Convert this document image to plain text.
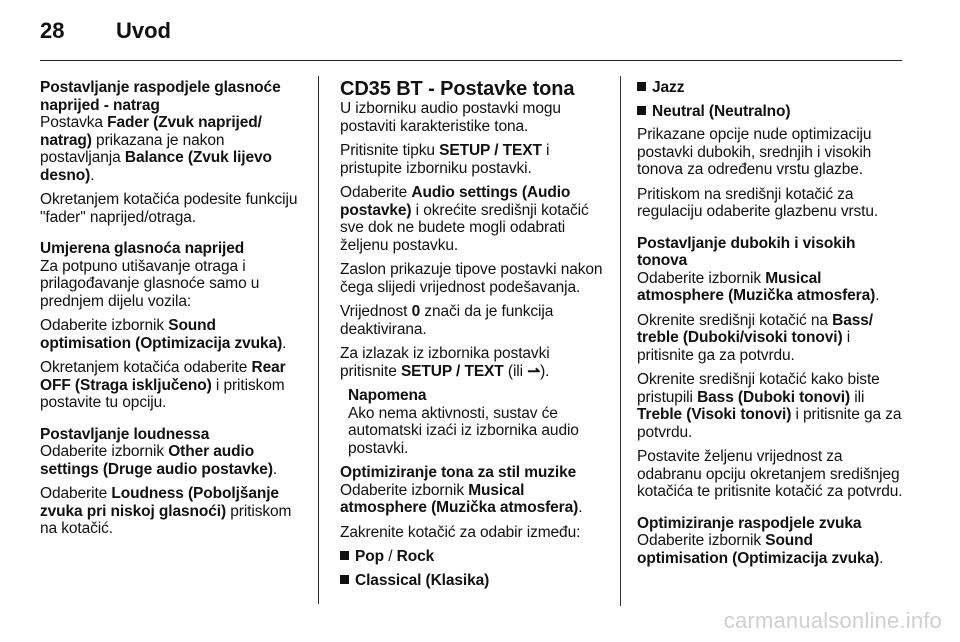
28	Uvod
Postavljanje raspodjele glasnoće naprijed - natrag

Postavka Fader (Zvuk naprijed/ natrag) prikazana je nakon postavljanja Balance (Zvuk lijevo desno).

Okretanjem kotačića podesite funkciju "fader" naprijed/otraga.

Umjerena glasnoća naprijed

Za potpuno utišavanje otraga i prilagođavanje glasnoće samo u prednjem dijelu vozila:

Odaberite izbornik Sound optimisation (Optimizacija zvuka).

Okretanjem kotačića odaberite Rear OFF (Straga isključeno) i pritiskom postavite tu opciju.

Postavljanje loudnessa

Odaberite izbornik Other audio settings (Druge audio postavke).

Odaberite Loudness (Poboljšanje zvuka pri niskoj glasnoći) pritiskom na kotačić.

CD35 BT - Postavke tona

U izborniku audio postavki mogu postaviti karakteristike tona.

Pritisnite tipku SETUP / TEXT i pristupite izborniku postavki.

Odaberite Audio settings (Audio postavke) i okrećite središnji kotačić sve dok ne budete mogli odabrati željenu postavku.

Zaslon prikazuje tipove postavki nakon čega slijedi vrijednost podešavanja.

Vrijednost 0 znači da je funkcija deaktivirana.

Za izlazak iz izbornika postavki pritisnite SETUP / TEXT (ili ⇀).

Napomena
Ako nema aktivnosti, sustav će automatski izaći iz izbornika audio postavki.
Optimiziranje tona za stil muzike

Odaberite izbornik Musical atmosphere (Muzička atmosfera).

Zakrenite kotačić za odabir između:

Pop / Rock
Classical (Klasika)
Jazz
Neutral (Neutralno)

Prikazane opcije nude optimizaciju postavki dubokih, srednjih i visokih tonova za određenu vrstu glazbe.

Pritiskom na središnji kotačić za regulaciju odaberite glazbenu vrstu.

Postavljanje dubokih i visokih tonova

Odaberite izbornik Musical atmosphere (Muzička atmosfera).

Okrenite središnji kotačić na Bass/ treble (Duboki/visoki tonovi) i pritisnite ga za potvrdu.

Okrenite središnji kotačić kako biste pristupili Bass (Duboki tonovi) ili Treble (Visoki tonovi) i pritisnite ga za potvrdu.

Postavite željenu vrijednost za odabranu opciju okretanjem središnjeg kotačića te pritisnite kotačić za potvrdu.

Optimiziranje raspodjele zvuka

Odaberite izbornik Sound optimisation (Optimizacija zvuka).

carmanualsonline.info
